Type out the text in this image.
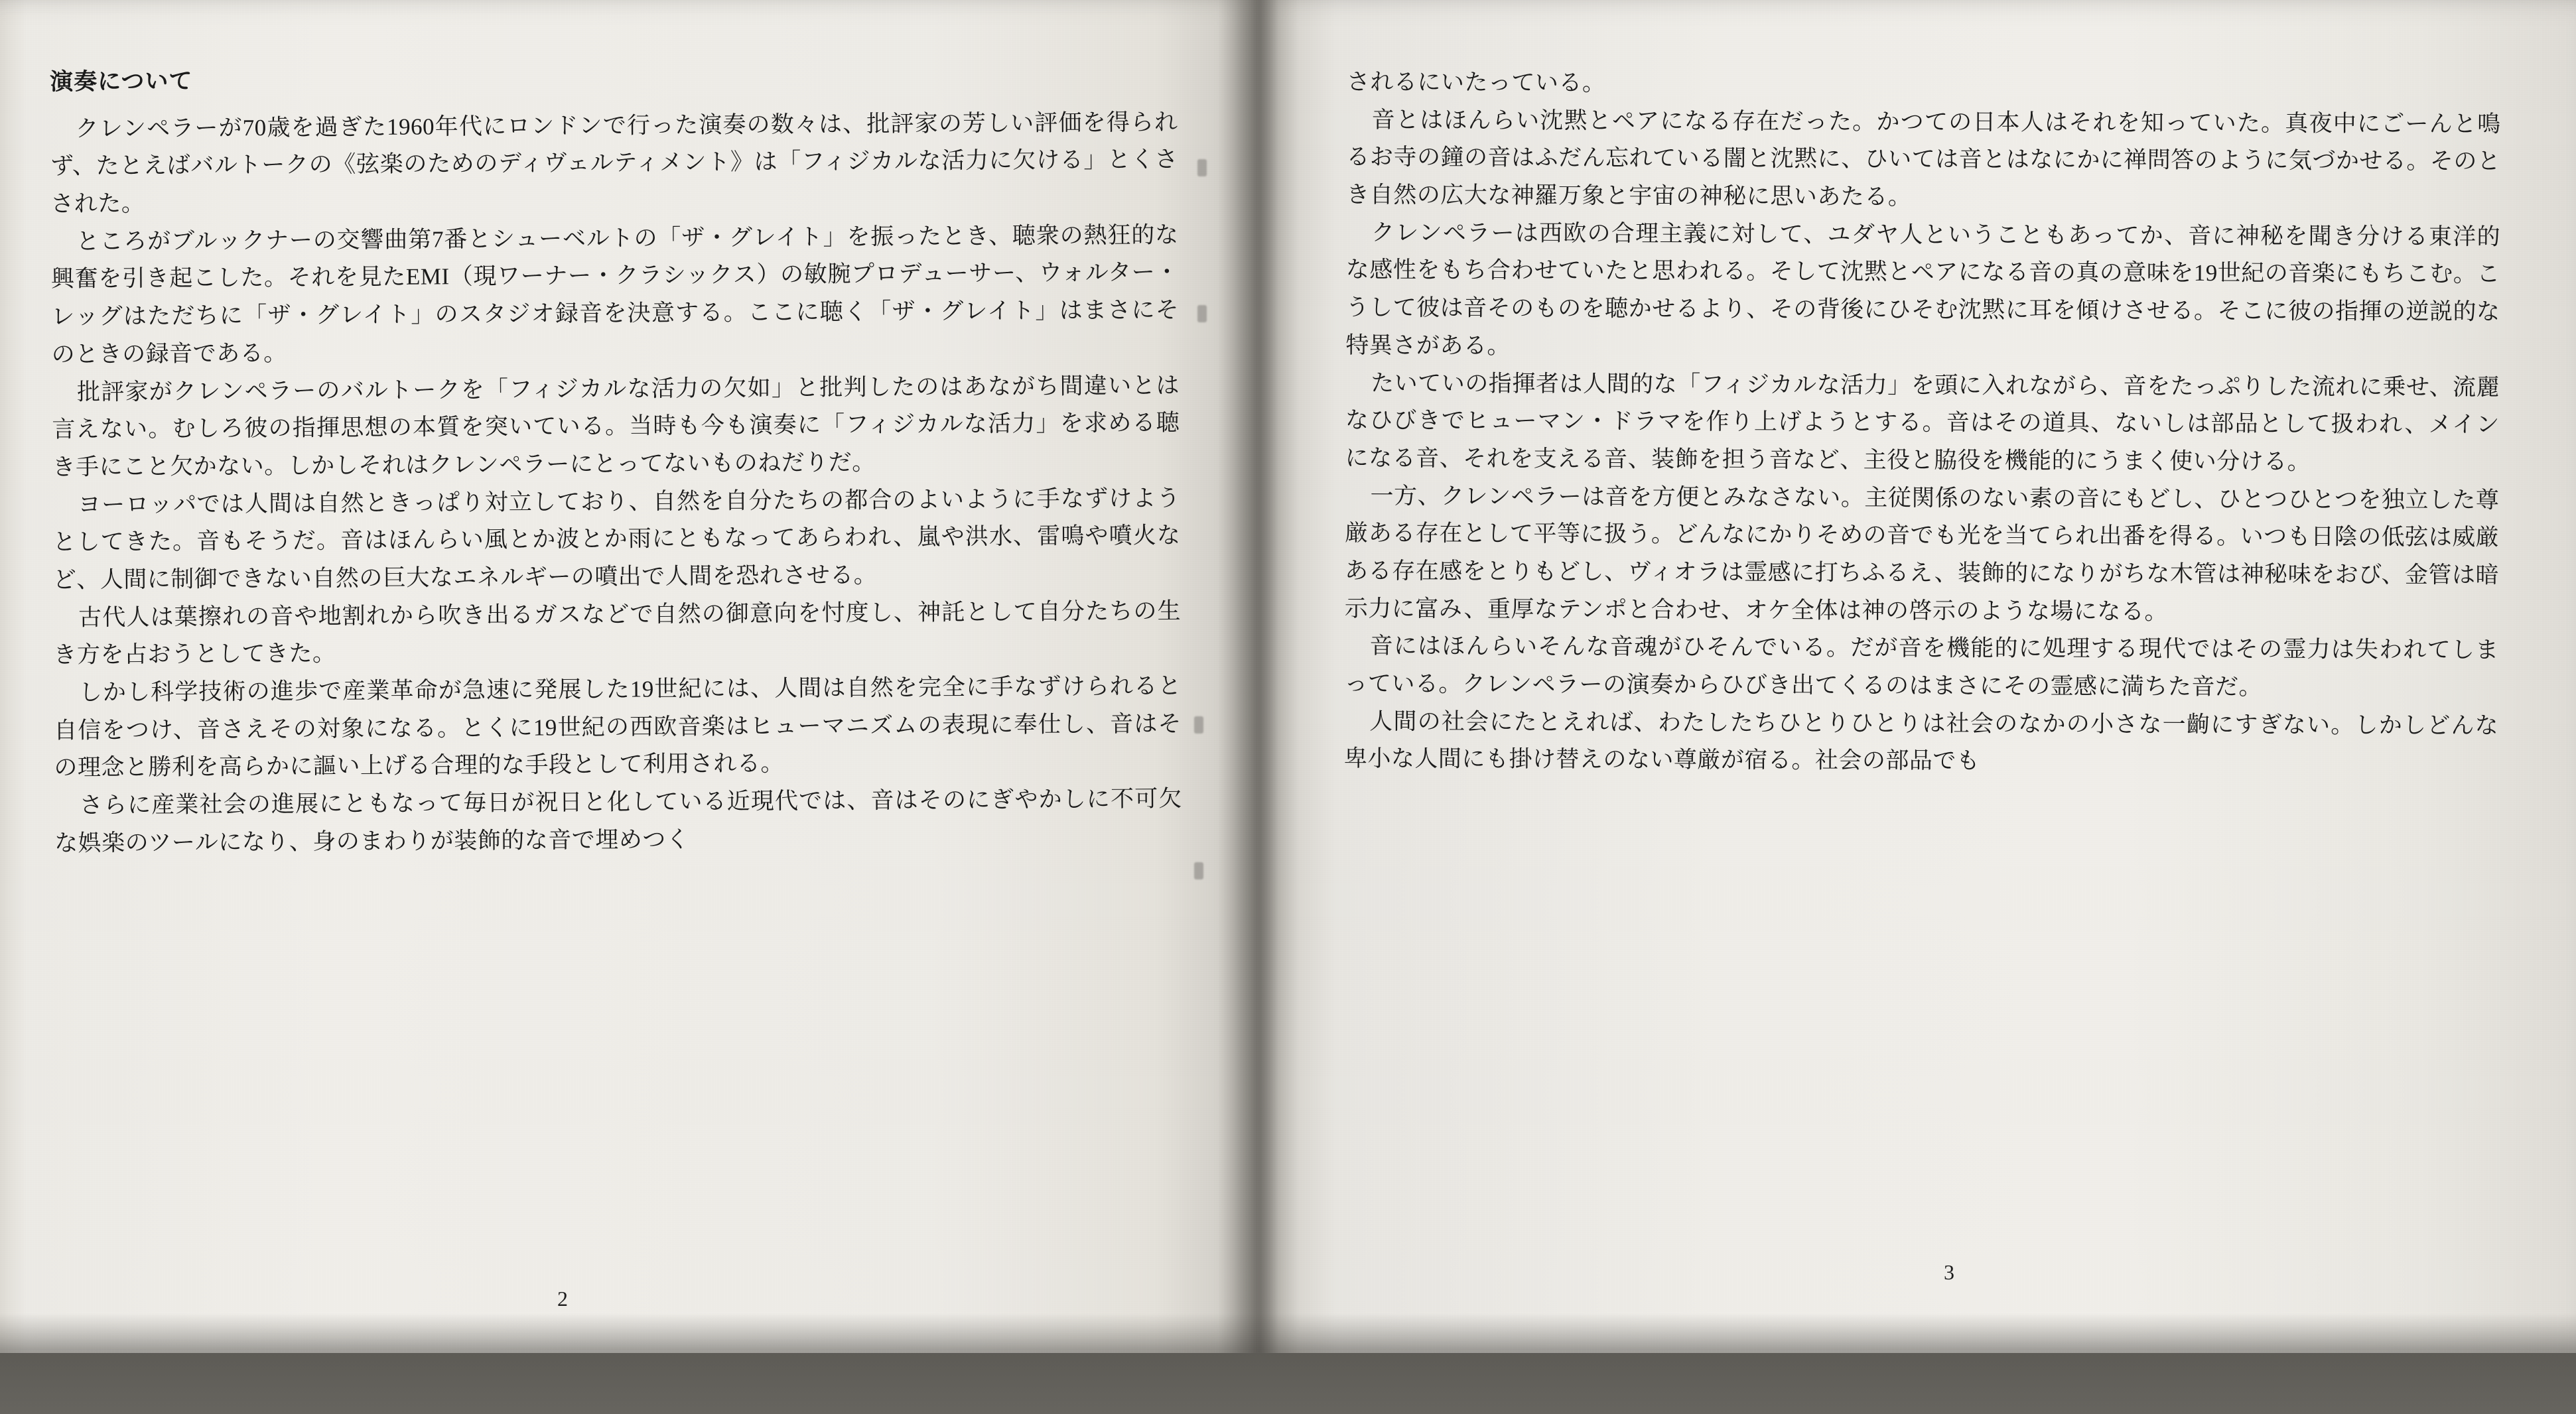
演奏について

クレンペラーが70歳を過ぎた1960年代にロンドンで行った演奏の数々は、批評家の芳しい評価を得られず、たとえばバルトークの《弦楽のためのディヴェルティメント》は「フィジカルな活力に欠ける」とくさされた。

ところがブルックナーの交響曲第7番とシューベルトの「ザ・グレイト」を振ったとき、聴衆の熱狂的な興奮を引き起こした。それを見たEMI（現ワーナー・クラシックス）の敏腕プロデューサー、ウォルター・レッグはただちに「ザ・グレイト」のスタジオ録音を決意する。ここに聴く「ザ・グレイト」はまさにそのときの録音である。

批評家がクレンペラーのバルトークを「フィジカルな活力の欠如」と批判したのはあながち間違いとは言えない。むしろ彼の指揮思想の本質を突いている。当時も今も演奏に「フィジカルな活力」を求める聴き手にこと欠かない。しかしそれはクレンペラーにとってないものねだりだ。

ヨーロッパでは人間は自然ときっぱり対立しており、自然を自分たちの都合のよいように手なずけようとしてきた。音もそうだ。音はほんらい風とか波とか雨にともなってあらわれ、嵐や洪水、雷鳴や噴火など、人間に制御できない自然の巨大なエネルギーの噴出で人間を恐れさせる。

古代人は葉擦れの音や地割れから吹き出るガスなどで自然の御意向を忖度し、神託として自分たちの生き方を占おうとしてきた。

しかし科学技術の進歩で産業革命が急速に発展した19世紀には、人間は自然を完全に手なずけられると自信をつけ、音さえその対象になる。とくに19世紀の西欧音楽はヒューマニズムの表現に奉仕し、音はその理念と勝利を高らかに謳い上げる合理的な手段として利用される。

さらに産業社会の進展にともなって毎日が祝日と化している近現代では、音はそのにぎやかしに不可欠な娯楽のツールになり、身のまわりが装飾的な音で埋めつく

2

されるにいたっている。

音とはほんらい沈黙とペアになる存在だった。かつての日本人はそれを知っていた。真夜中にごーんと鳴るお寺の鐘の音はふだん忘れている闇と沈黙に、ひいては音とはなにかに禅問答のように気づかせる。そのとき自然の広大な神羅万象と宇宙の神秘に思いあたる。

クレンペラーは西欧の合理主義に対して、ユダヤ人ということもあってか、音に神秘を聞き分ける東洋的な感性をもち合わせていたと思われる。そして沈黙とペアになる音の真の意味を19世紀の音楽にもちこむ。こうして彼は音そのものを聴かせるより、その背後にひそむ沈黙に耳を傾けさせる。そこに彼の指揮の逆説的な特異さがある。

たいていの指揮者は人間的な「フィジカルな活力」を頭に入れながら、音をたっぷりした流れに乗せ、流麗なひびきでヒューマン・ドラマを作り上げようとする。音はその道具、ないしは部品として扱われ、メインになる音、それを支える音、装飾を担う音など、主役と脇役を機能的にうまく使い分ける。

一方、クレンペラーは音を方便とみなさない。主従関係のない素の音にもどし、ひとつひとつを独立した尊厳ある存在として平等に扱う。どんなにかりそめの音でも光を当てられ出番を得る。いつも日陰の低弦は威厳ある存在感をとりもどし、ヴィオラは霊感に打ちふるえ、装飾的になりがちな木管は神秘味をおび、金管は暗示力に富み、重厚なテンポと合わせ、オケ全体は神の啓示のような場になる。

音にはほんらいそんな音魂がひそんでいる。だが音を機能的に処理する現代ではその霊力は失われてしまっている。クレンペラーの演奏からひびき出てくるのはまさにその霊感に満ちた音だ。

人間の社会にたとえれば、わたしたちひとりひとりは社会のなかの小さな一齣にすぎない。しかしどんな卑小な人間にも掛け替えのない尊厳が宿る。社会の部品でも

3
